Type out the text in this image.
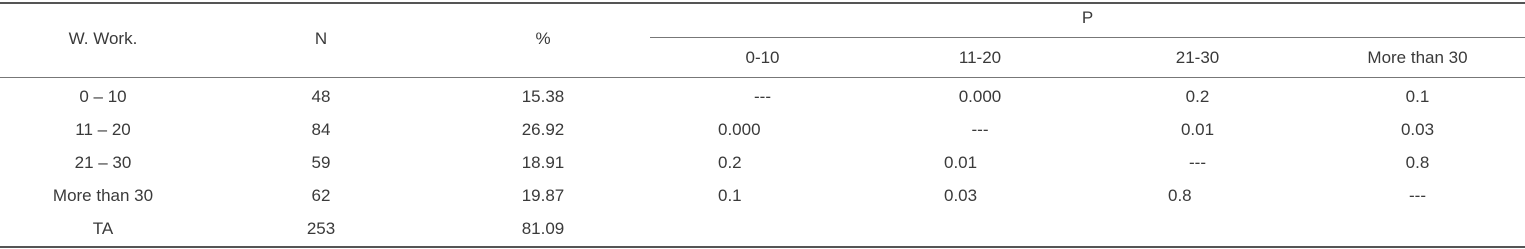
W. Work.	N	%
P
0-10	11-20	21-30	More than 30
0 – 10	48	15.38	---	0.000	0.2	0.1
11 – 20	84	26.92	0.000	---	0.01	0.03
21 – 30	59	18.91	0.2	0.01	---	0.8
More than 30	62	19.87	0.1	0.03	0.8	---
TA	253	81.09
